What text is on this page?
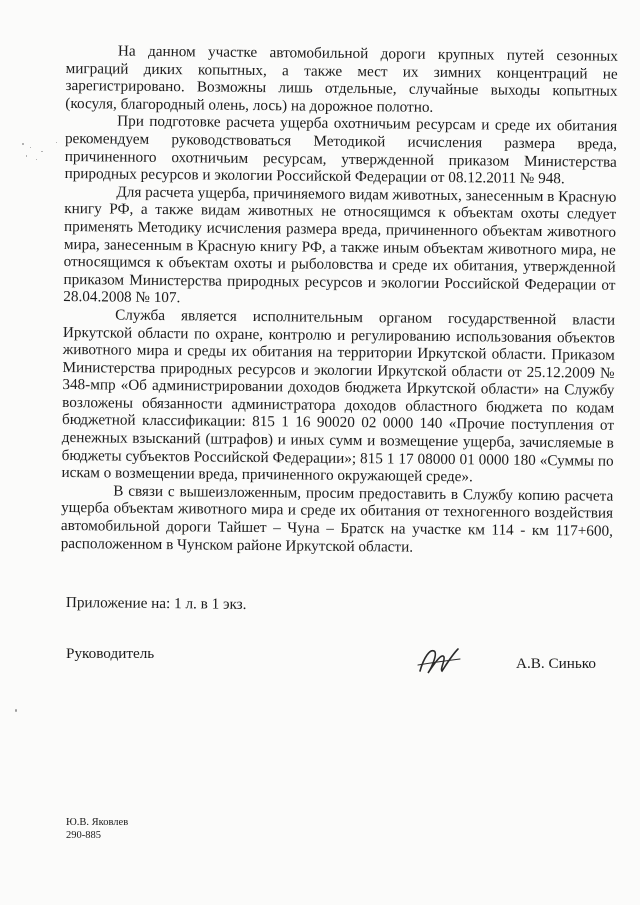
На данном участке автомобильной дороги крупных путей сезонных миграций диких копытных, а также мест их зимних концентраций не зарегистрировано. Возможны лишь отдельные, случайные выходы копытных (косуля, благородный олень, лось) на дорожное полотно.

При подготовке расчета ущерба охотничьим ресурсам и среде их обитания рекомендуем руководствоваться Методикой исчисления размера вреда, причиненного охотничьим ресурсам, утвержденной приказом Министерства природных ресурсов и экологии Российской Федерации от 08.12.2011 № 948.

Для расчета ущерба, причиняемого видам животных, занесенным в Красную книгу РФ, а также видам животных не относящимся к объектам охоты следует применять Методику исчисления размера вреда, причиненного объектам животного мира, занесенным в Красную книгу РФ, а также иным объектам животного мира, не относящимся к объектам охоты и рыболовства и среде их обитания, утвержденной приказом Министерства природных ресурсов и экологии Российской Федерации от 28.04.2008 № 107.

Служба является исполнительным органом государственной власти Иркутской области по охране, контролю и регулированию использования объектов животного мира и среды их обитания на территории Иркутской области. Приказом Министерства природных ресурсов и экологии Иркутской области от 25.12.2009 № 348-мпр «Об администрировании доходов бюджета Иркутской области» на Службу возложены обязанности администратора доходов областного бюджета по кодам бюджетной классификации: 815 1 16 90020 02 0000 140 «Прочие поступления от денежных взысканий (штрафов) и иных сумм и возмещение ущерба, зачисляемые в бюджеты субъектов Российской Федерации»; 815 1 17 08000 01 0000 180 «Суммы по искам о возмещении вреда, причиненного окружающей среде».

В связи с вышеизложенным, просим предоставить в Службу копию расчета ущерба объектам животного мира и среде их обитания от техногенного воздействия автомобильной дороги Тайшет – Чуна – Братск на участке км 114 - км 117+600, расположенном в Чунском районе Иркутской области.

Приложение на: 1 л. в 1 экз.
Руководитель
А.В. Синько
Ю.В. Яковлев
290-885
